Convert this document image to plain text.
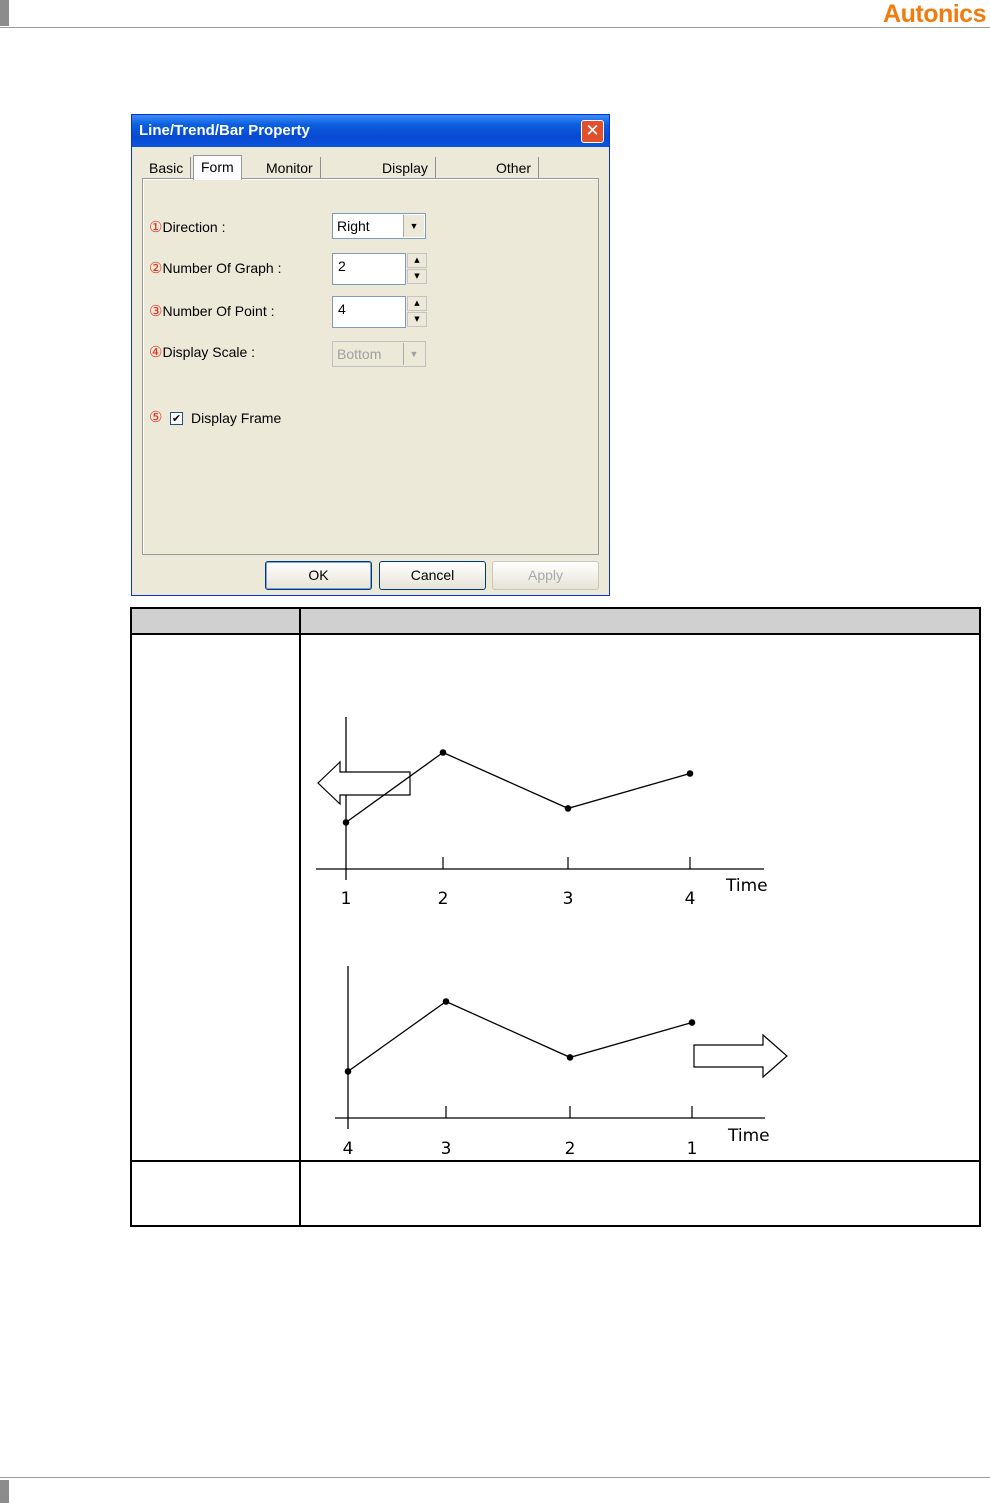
Autonics
Line/Trend/Bar Property	✕
Basic	Form	Monitor	Display	Other
①Direction :	Right	▼
②Number Of Graph :	2	▲
▼
③Number Of Point :	4	▲
▼
④Display Scale :	Bottom	▼
⑤ ✔ Display Frame
OK	Cancel	Apply
1	2	3	4
Time
4	3	2	1
Time
